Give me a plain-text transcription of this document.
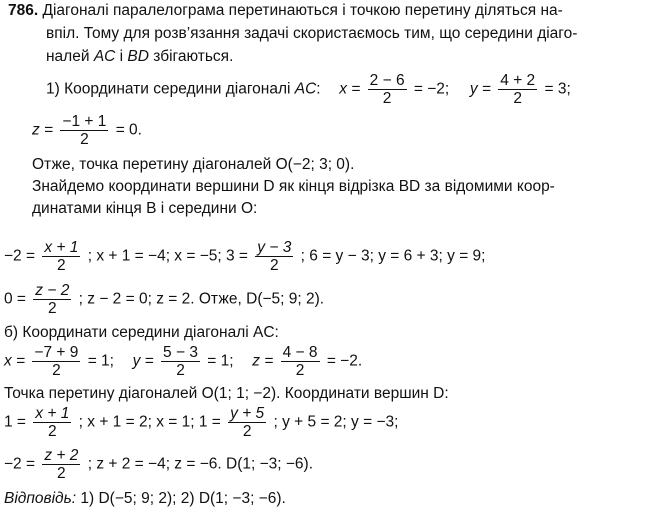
786. Діагоналі паралелограма перетинаються і точкою перетину діляться на-
впіл. Тому для розв’язання задачі скористаємось тим, що середини діаго-
налей AC і BD збігаються.
1) Координати середини діагоналі AC: $x = \frac{2 - 6}{2} = -2$; $y = \frac{4 + 2}{2} = 3$;
$z = \frac{-1 + 1}{2} = 0$.
Отже, точка перетину діагоналей O(−2; 3; 0).
Знайдемо координати вершини D як кінця відрізка BD за відомими коор-
динатами кінця B і середини O:
$-2 = \frac{x + 1}{2}$ ; x + 1 = −4; x = −5; $3 = \frac{y - 3}{2}$ ; 6 = y − 3; y = 6 + 3; y = 9;
$0 = \frac{z - 2}{2}$ ; z − 2 = 0; z = 2. Отже, D(−5; 9; 2).
б) Координати середини діагоналі AC:
$x = \frac{-7 + 9}{2} = 1$; $y = \frac{5 - 3}{2} = 1$; $z = \frac{4 - 8}{2} = -2$.
Точка перетину діагоналей O(1; 1; −2). Координати вершин D:
$1 = \frac{x + 1}{2}$ ; x + 1 = 2; x = 1; $1 = \frac{y + 5}{2}$ ; y + 5 = 2; y = −3;
$-2 = \frac{z + 2}{2}$ ; z + 2 = −4; z = −6. D(1; −3; −6).
Відповідь: 1) D(−5; 9; 2); 2) D(1; −3; −6).
